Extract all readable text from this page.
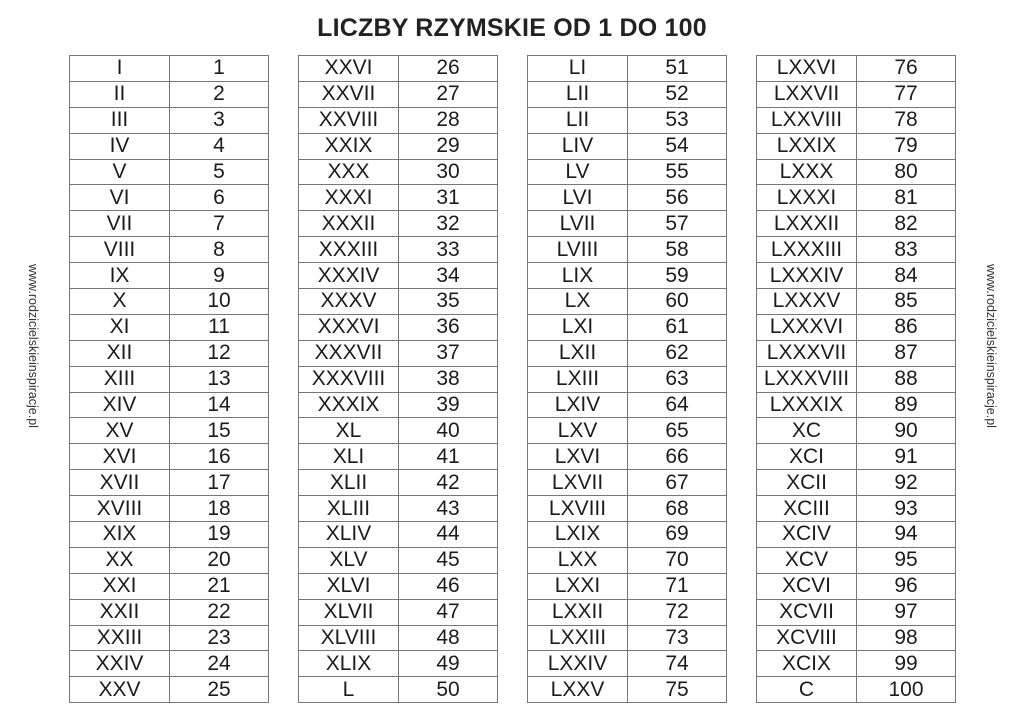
LICZBY RZYMSKIE OD 1 DO 100
www.rodzicielskieinspiracje.pl	www.rodzicielskieinspiracje.pl
I	1
II	2
III	3
IV	4
V	5
VI	6
VII	7
VIII	8
IX	9
X	10
XI	11
XII	12
XIII	13
XIV	14
XV	15
XVI	16
XVII	17
XVIII	18
XIX	19
XX	20
XXI	21
XXII	22
XXIII	23
XXIV	24
XXV	25
XXVI	26
XXVII	27
XXVIII	28
XXIX	29
XXX	30
XXXI	31
XXXII	32
XXXIII	33
XXXIV	34
XXXV	35
XXXVI	36
XXXVII	37
XXXVIII	38
XXXIX	39
XL	40
XLI	41
XLII	42
XLIII	43
XLIV	44
XLV	45
XLVI	46
XLVII	47
XLVIII	48
XLIX	49
L	50
LI	51
LII	52
LII	53
LIV	54
LV	55
LVI	56
LVII	57
LVIII	58
LIX	59
LX	60
LXI	61
LXII	62
LXIII	63
LXIV	64
LXV	65
LXVI	66
LXVII	67
LXVIII	68
LXIX	69
LXX	70
LXXI	71
LXXII	72
LXXIII	73
LXXIV	74
LXXV	75
LXXVI	76
LXXVII	77
LXXVIII	78
LXXIX	79
LXXX	80
LXXXI	81
LXXXII	82
LXXXIII	83
LXXXIV	84
LXXXV	85
LXXXVI	86
LXXXVII	87
LXXXVIII	88
LXXXIX	89
XC	90
XCI	91
XCII	92
XCIII	93
XCIV	94
XCV	95
XCVI	96
XCVII	97
XCVIII	98
XCIX	99
C	100
